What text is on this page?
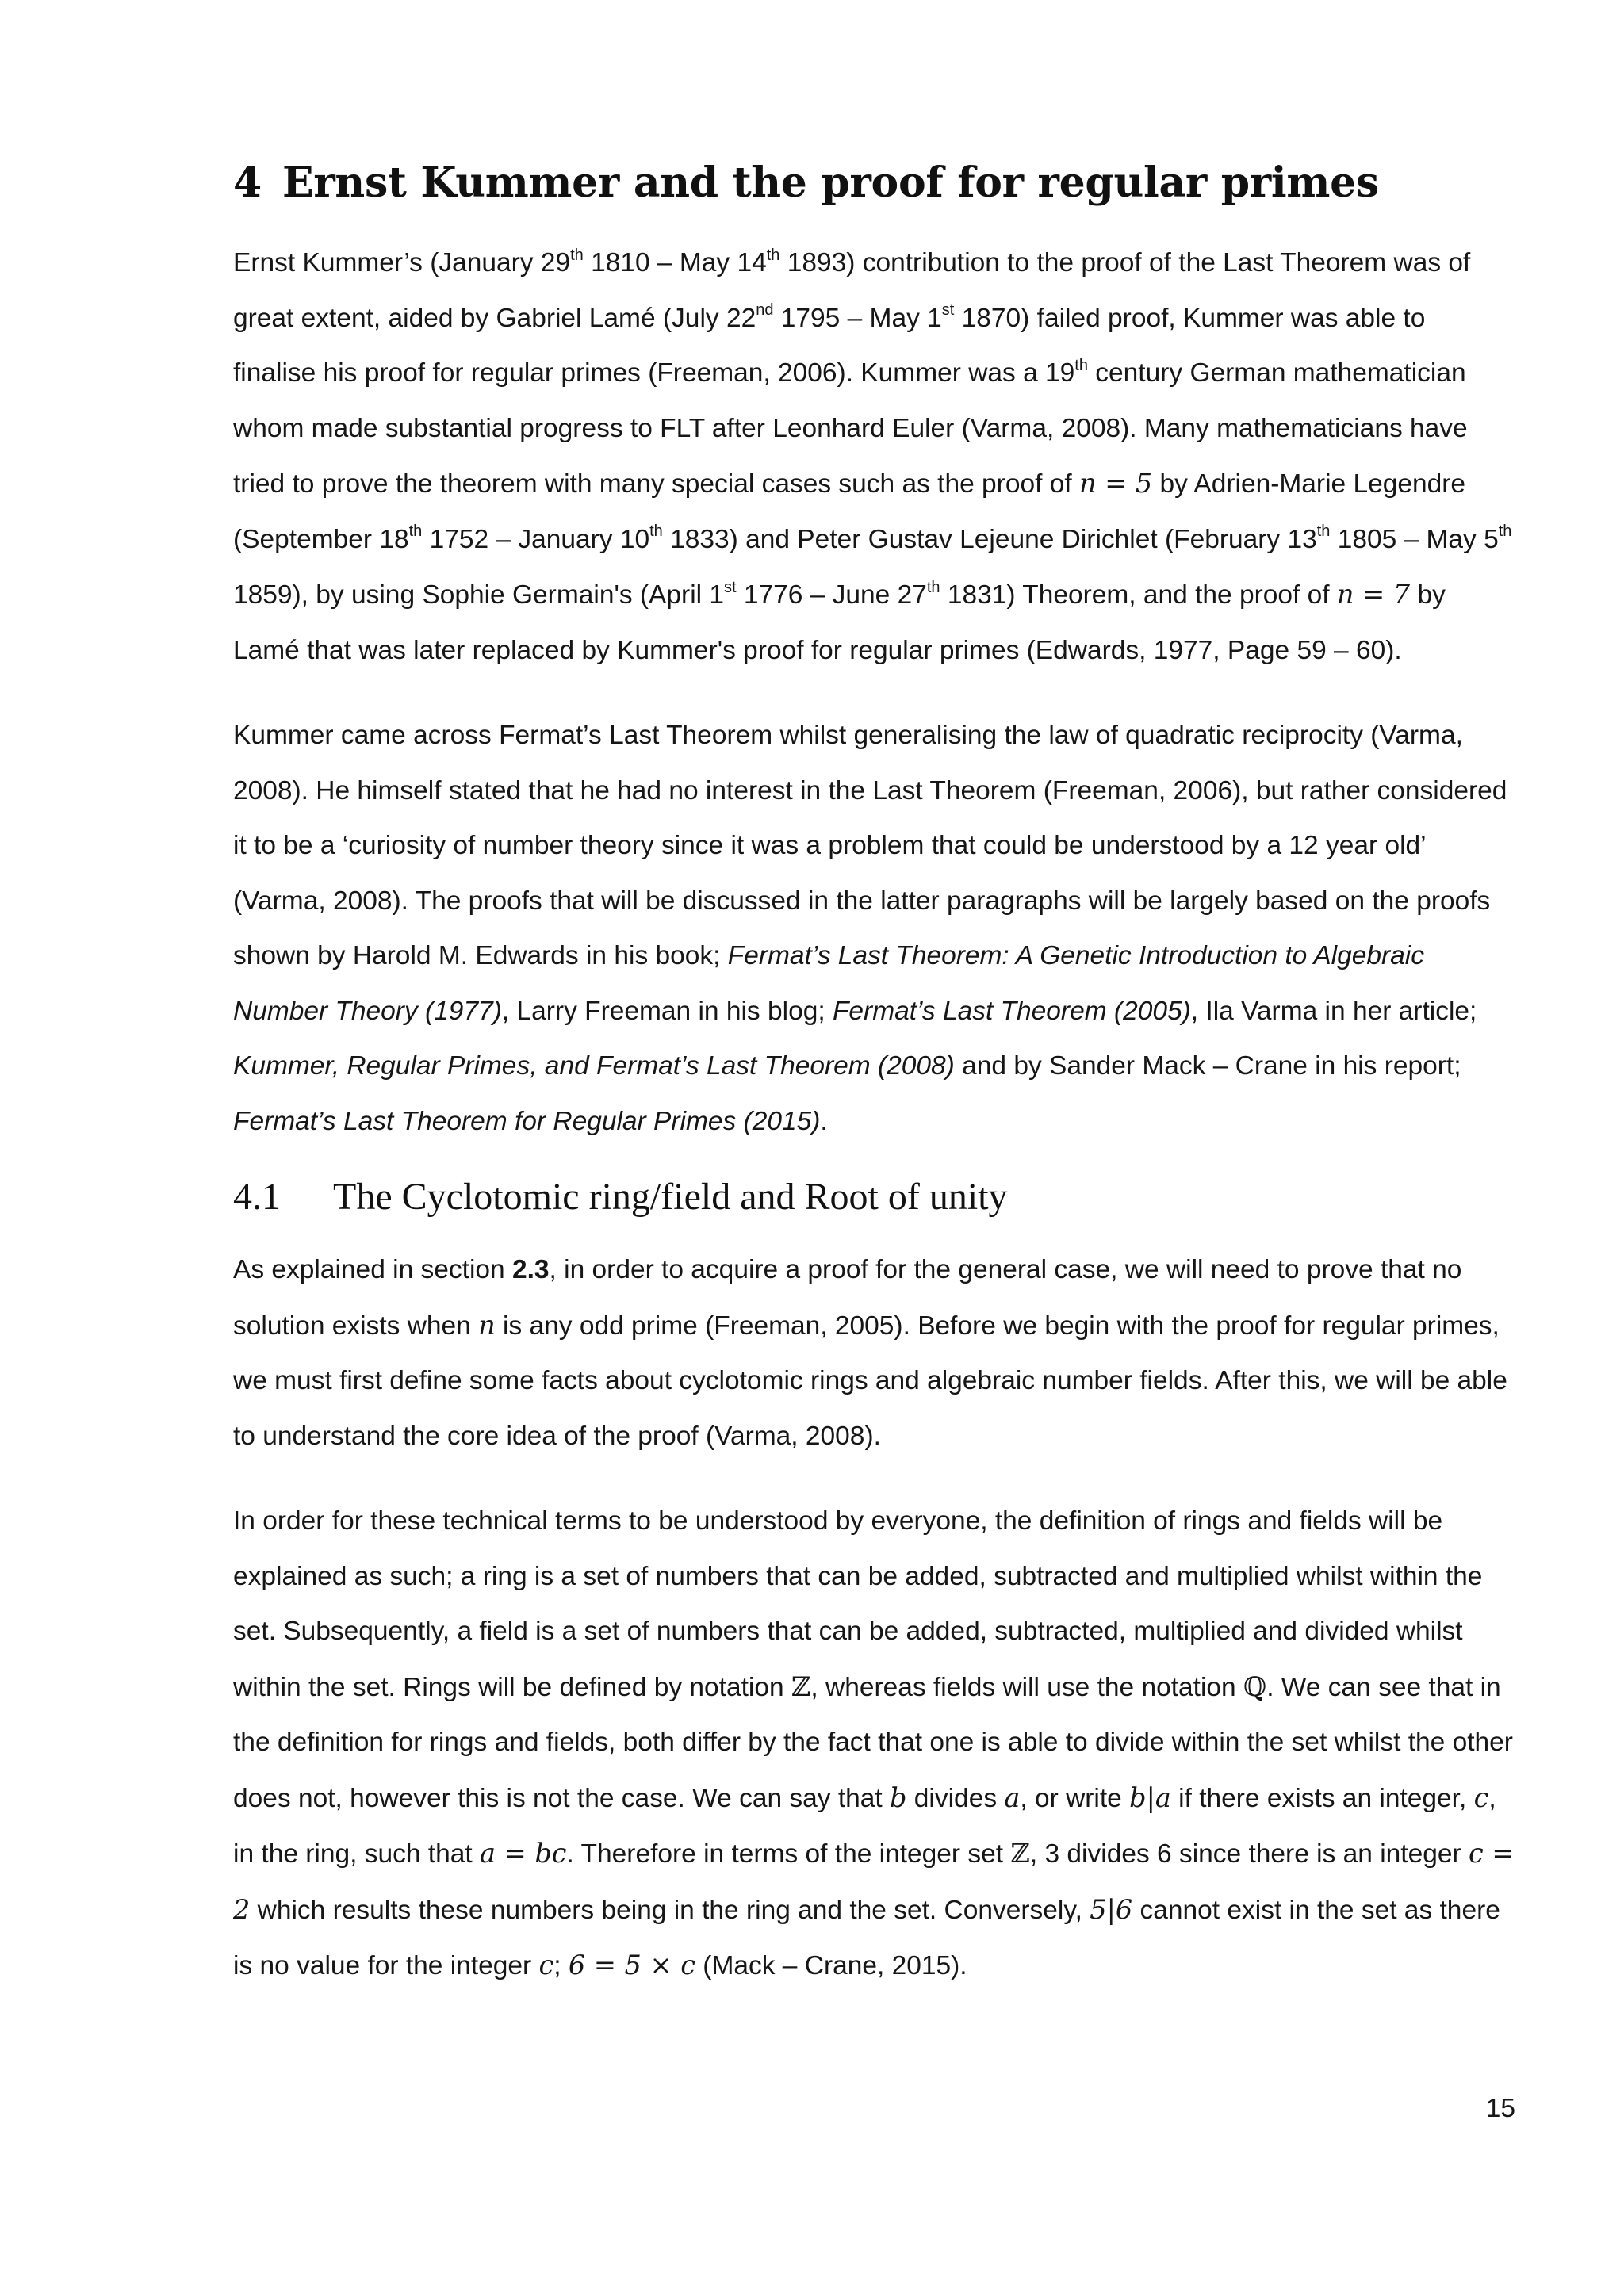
4 Ernst Kummer and the proof for regular primes

Ernst Kummer’s (January 29th 1810 – May 14th 1893) contribution to the proof of the Last Theorem was of great extent, aided by Gabriel Lamé (July 22nd 1795 – May 1st 1870) failed proof, Kummer was able to finalise his proof for regular primes (Freeman, 2006). Kummer was a 19th century German mathematician whom made substantial progress to FLT after Leonhard Euler (Varma, 2008). Many mathematicians have tried to prove the theorem with many special cases such as the proof of n = 5 by Adrien-Marie Legendre (September 18th 1752 – January 10th 1833) and Peter Gustav Lejeune Dirichlet (February 13th 1805 – May 5th 1859), by using Sophie Germain's (April 1st 1776 – June 27th 1831) Theorem, and the proof of n = 7 by Lamé that was later replaced by Kummer's proof for regular primes (Edwards, 1977, Page 59 – 60).

Kummer came across Fermat’s Last Theorem whilst generalising the law of quadratic reciprocity (Varma, 2008). He himself stated that he had no interest in the Last Theorem (Freeman, 2006), but rather considered it to be a ‘curiosity of number theory since it was a problem that could be understood by a 12 year old’ (Varma, 2008). The proofs that will be discussed in the latter paragraphs will be largely based on the proofs shown by Harold M. Edwards in his book; Fermat’s Last Theorem: A Genetic Introduction to Algebraic Number Theory (1977), Larry Freeman in his blog; Fermat’s Last Theorem (2005), Ila Varma in her article; Kummer, Regular Primes, and Fermat’s Last Theorem (2008) and by Sander Mack – Crane in his report; Fermat’s Last Theorem for Regular Primes (2015).

4.1 The Cyclotomic ring/field and Root of unity

As explained in section 2.3, in order to acquire a proof for the general case, we will need to prove that no solution exists when n is any odd prime (Freeman, 2005). Before we begin with the proof for regular primes, we must first define some facts about cyclotomic rings and algebraic number fields. After this, we will be able to understand the core idea of the proof (Varma, 2008).

In order for these technical terms to be understood by everyone, the definition of rings and fields will be explained as such; a ring is a set of numbers that can be added, subtracted and multiplied whilst within the set. Subsequently, a field is a set of numbers that can be added, subtracted, multiplied and divided whilst within the set. Rings will be defined by notation ℤ, whereas fields will use the notation ℚ. We can see that in the definition for rings and fields, both differ by the fact that one is able to divide within the set whilst the other does not, however this is not the case. We can say that b divides a, or write b|a if there exists an integer, c, in the ring, such that a = bc. Therefore in terms of the integer set ℤ, 3 divides 6 since there is an integer c = 2 which results these numbers being in the ring and the set. Conversely, 5|6 cannot exist in the set as there is no value for the integer c; 6 = 5 × c (Mack – Crane, 2015).

15
